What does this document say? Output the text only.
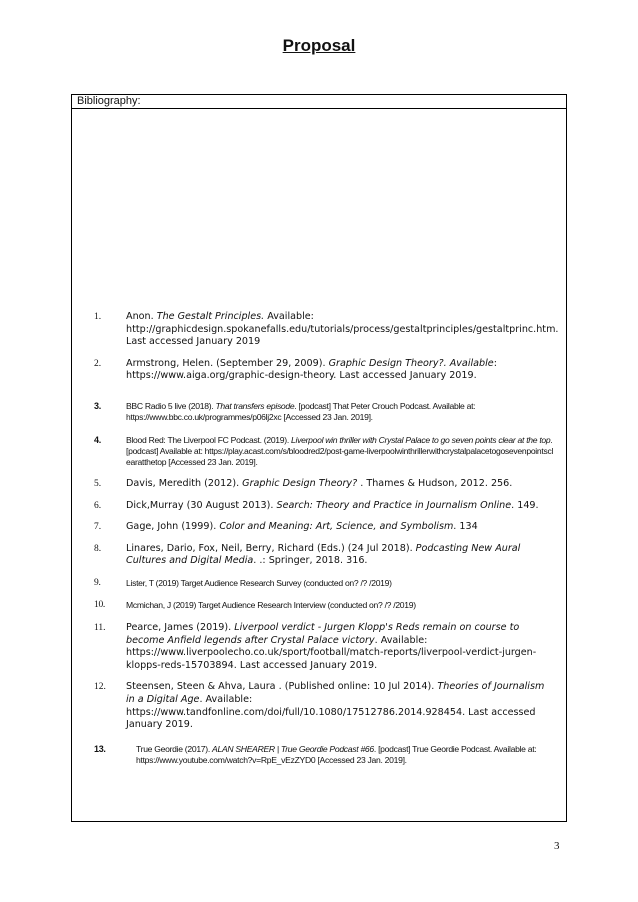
Proposal
Bibliography:
1.	Anon. The Gestalt Principles. Available: http://graphicdesign.spokanefalls.edu/tutorials/process/gestaltprinciples/gestaltprinc.htm. Last accessed January 2019
2.	Armstrong, Helen. (September 29, 2009). Graphic Design Theory?. Available: https://www.aiga.org/graphic-design-theory. Last accessed January 2019.
3.	BBC Radio 5 live (2018). That transfers episode. [podcast] That Peter Crouch Podcast. Available at: https://www.bbc.co.uk/programmes/p06lj2xc [Accessed 23 Jan. 2019].
4.	Blood Red: The Liverpool FC Podcast. (2019). Liverpool win thriller with Crystal Palace to go seven points clear at the top. [podcast] Available at: https://play.acast.com/s/bloodred2/post-game-liverpoolwinthrillerwithcrystalpalacetogosevenpointsclearatthetop [Accessed 23 Jan. 2019].
5.	Davis, Meredith (2012). Graphic Design Theory? . Thames & Hudson, 2012. 256.
6.	Dick,Murray (30 August 2013). Search: Theory and Practice in Journalism Online. 149.
7.	Gage, John (1999). Color and Meaning: Art, Science, and Symbolism. 134
8.	Linares, Dario, Fox, Neil, Berry, Richard (Eds.) (24 Jul 2018). Podcasting New Aural Cultures and Digital Media. .: Springer, 2018. 316.
9.	Lister, T (2019) Target Audience Research Survey (conducted on? /? /2019)
10.	Mcmichan, J (2019) Target Audience Research Interview (conducted on? /? /2019)
11.	Pearce, James (2019). Liverpool verdict - Jurgen Klopp's Reds remain on course to become Anfield legends after Crystal Palace victory. Available: https://www.liverpoolecho.co.uk/sport/football/match-reports/liverpool-verdict-jurgen-klopps-reds-15703894. Last accessed January 2019.
12.	Steensen, Steen & Ahva, Laura . (Published online: 10 Jul 2014). Theories of Journalism in a Digital Age. Available: https://www.tandfonline.com/doi/full/10.1080/17512786.2014.928454. Last accessed January 2019.
13.	True Geordie (2017). ALAN SHEARER | True Geordie Podcast #66. [podcast] True Geordie Podcast. Available at: https://www.youtube.com/watch?v=RpE_vEzZYD0 [Accessed 23 Jan. 2019].
3
